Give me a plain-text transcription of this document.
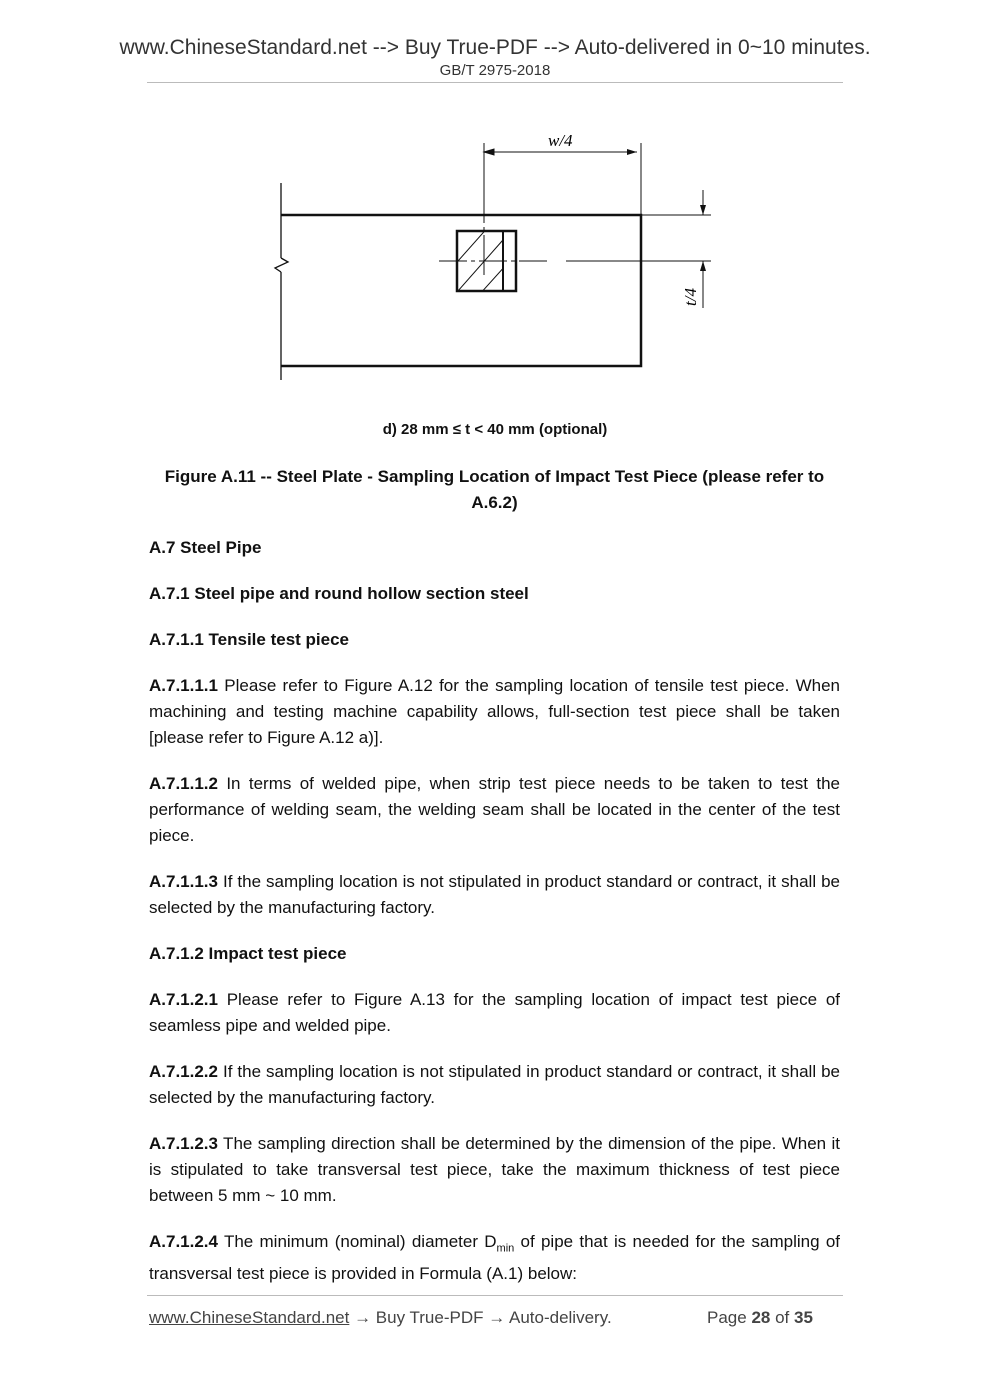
www.ChineseStandard.net --> Buy True-PDF --> Auto-delivered in 0~10 minutes.
GB/T 2975-2018
w/4
t/4
d) 28 mm ≤ t < 40 mm (optional)
Figure A.11 -- Steel Plate - Sampling Location of Impact Test Piece (please refer to A.6.2)
A.7 Steel Pipe
A.7.1 Steel pipe and round hollow section steel
A.7.1.1 Tensile test piece

A.7.1.1.1 Please refer to Figure A.12 for the sampling location of tensile test piece. When machining and testing machine capability allows, full-section test piece shall be taken [please refer to Figure A.12 a)].

A.7.1.1.2 In terms of welded pipe, when strip test piece needs to be taken to test the performance of welding seam, the welding seam shall be located in the center of the test piece.

A.7.1.1.3 If the sampling location is not stipulated in product standard or contract, it shall be selected by the manufacturing factory.

A.7.1.2 Impact test piece

A.7.1.2.1 Please refer to Figure A.13 for the sampling location of impact test piece of seamless pipe and welded pipe.

A.7.1.2.2 If the sampling location is not stipulated in product standard or contract, it shall be selected by the manufacturing factory.

A.7.1.2.3 The sampling direction shall be determined by the dimension of the pipe. When it is stipulated to take transversal test piece, take the maximum thickness of test piece between 5 mm ~ 10 mm.

A.7.1.2.4 The minimum (nominal) diameter $D_{min}$ of pipe that is needed for the sampling of transversal test piece is provided in Formula (A.1) below:

www.ChineseStandard.net → Buy True-PDF → Auto-delivery.	Page 28 of 35
